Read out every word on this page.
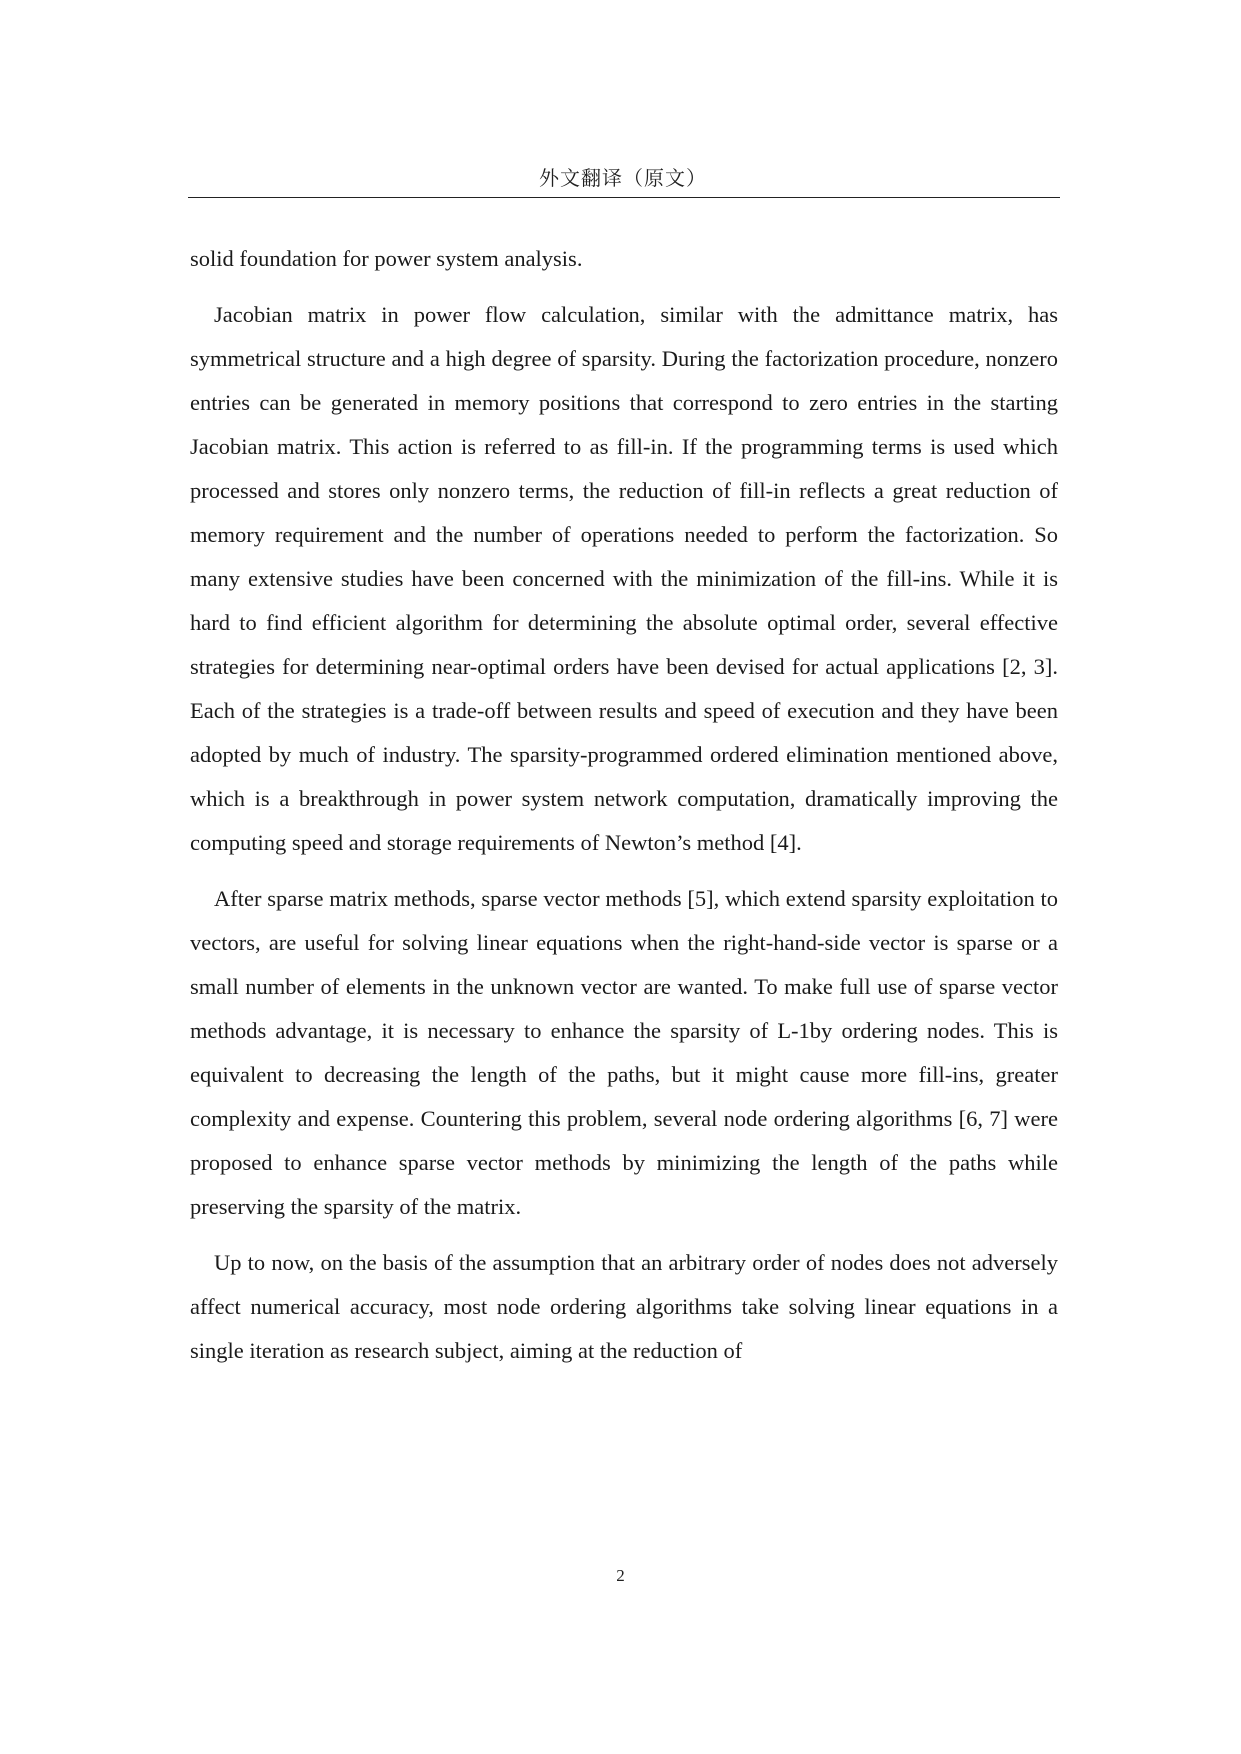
外文翻译（原文）

solid foundation for power system analysis.

Jacobian matrix in power flow calculation, similar with the admittance matrix, has symmetrical structure and a high degree of sparsity. During the factorization procedure, nonzero entries can be generated in memory positions that correspond to zero entries in the starting Jacobian matrix. This action is referred to as fill-in. If the programming terms is used which processed and stores only nonzero terms, the reduction of fill-in reflects a great reduction of memory requirement and the number of operations needed to perform the factorization. So many extensive studies have been concerned with the minimization of the fill-ins. While it is hard to find efficient algorithm for determining the absolute optimal order, several effective strategies for determining near-optimal orders have been devised for actual applications [2, 3]. Each of the strategies is a trade-off between results and speed of execution and they have been adopted by much of industry. The sparsity-programmed ordered elimination mentioned above, which is a breakthrough in power system network computation, dramatically improving the computing speed and storage requirements of Newton’s method [4].

After sparse matrix methods, sparse vector methods [5], which extend sparsity exploitation to vectors, are useful for solving linear equations when the right-hand-side vector is sparse or a small number of elements in the unknown vector are wanted. To make full use of sparse vector methods advantage, it is necessary to enhance the sparsity of L-1by ordering nodes. This is equivalent to decreasing the length of the paths, but it might cause more fill-ins, greater complexity and expense. Countering this problem, several node ordering algorithms [6, 7] were proposed to enhance sparse vector methods by minimizing the length of the paths while preserving the sparsity of the matrix.

Up to now, on the basis of the assumption that an arbitrary order of nodes does not adversely affect numerical accuracy, most node ordering algorithms take solving linear equations in a single iteration as research subject, aiming at the reduction of

2
